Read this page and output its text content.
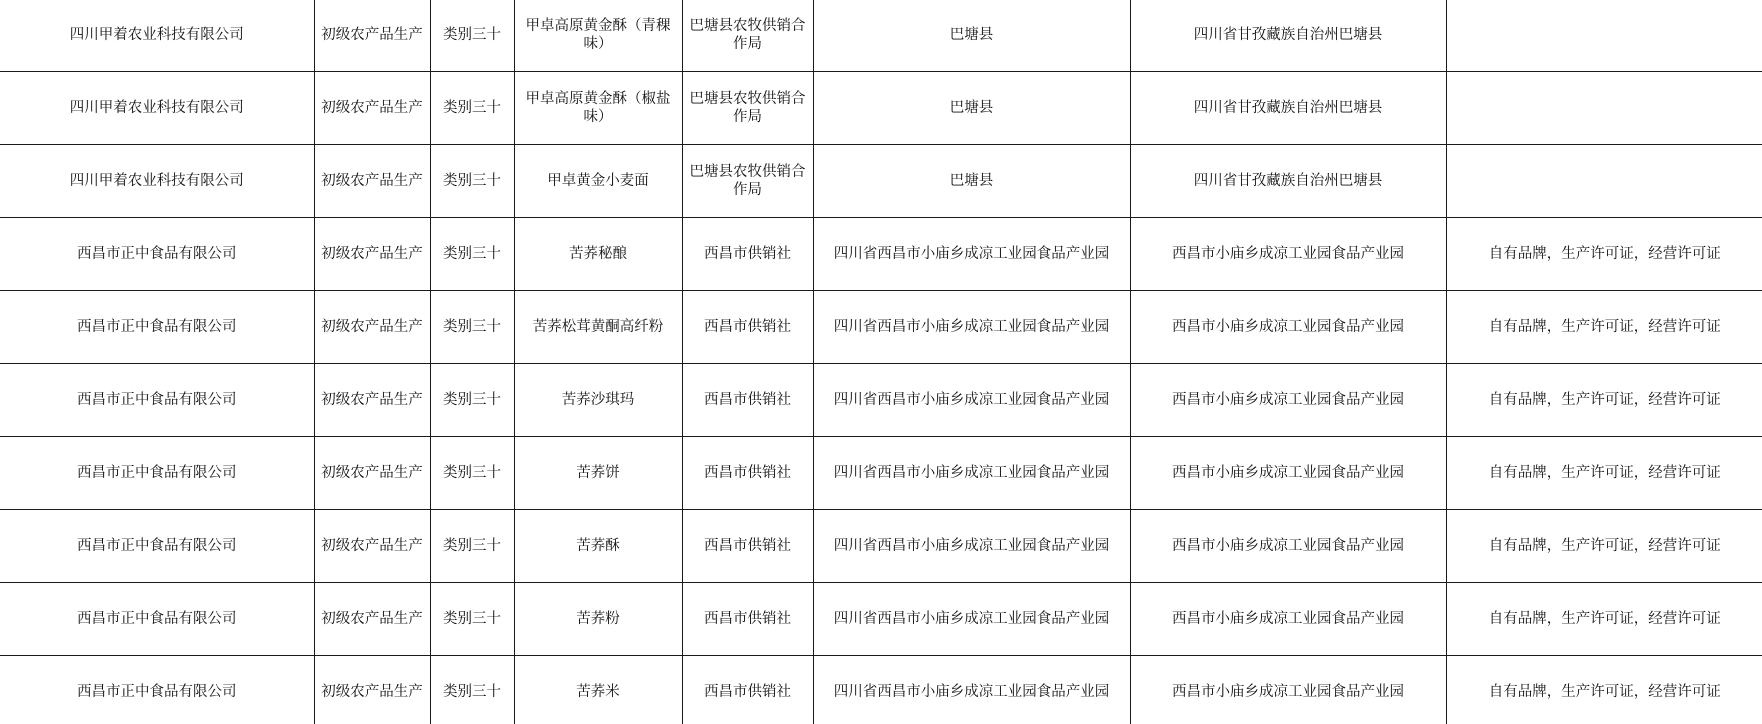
四川甲着农业科技有限公司	初级农产品生产	类别三十	甲卓高原黄金酥（青稞味）	巴塘县农牧供销合作局	巴塘县	四川省甘孜藏族自治州巴塘县	
四川甲着农业科技有限公司	初级农产品生产	类别三十	甲卓高原黄金酥（椒盐味）	巴塘县农牧供销合作局	巴塘县	四川省甘孜藏族自治州巴塘县	
四川甲着农业科技有限公司	初级农产品生产	类别三十	甲卓黄金小麦面	巴塘县农牧供销合作局	巴塘县	四川省甘孜藏族自治州巴塘县	
西昌市正中食品有限公司	初级农产品生产	类别三十	苦荞秘酿	西昌市供销社	四川省西昌市小庙乡成凉工业园食品产业园	西昌市小庙乡成凉工业园食品产业园	自有品牌，生产许可证，经营许可证
西昌市正中食品有限公司	初级农产品生产	类别三十	苦荞松茸黄酮高纤粉	西昌市供销社	四川省西昌市小庙乡成凉工业园食品产业园	西昌市小庙乡成凉工业园食品产业园	自有品牌，生产许可证，经营许可证
西昌市正中食品有限公司	初级农产品生产	类别三十	苦荞沙琪玛	西昌市供销社	四川省西昌市小庙乡成凉工业园食品产业园	西昌市小庙乡成凉工业园食品产业园	自有品牌，生产许可证，经营许可证
西昌市正中食品有限公司	初级农产品生产	类别三十	苦荞饼	西昌市供销社	四川省西昌市小庙乡成凉工业园食品产业园	西昌市小庙乡成凉工业园食品产业园	自有品牌，生产许可证，经营许可证
西昌市正中食品有限公司	初级农产品生产	类别三十	苦荞酥	西昌市供销社	四川省西昌市小庙乡成凉工业园食品产业园	西昌市小庙乡成凉工业园食品产业园	自有品牌，生产许可证，经营许可证
西昌市正中食品有限公司	初级农产品生产	类别三十	苦荞粉	西昌市供销社	四川省西昌市小庙乡成凉工业园食品产业园	西昌市小庙乡成凉工业园食品产业园	自有品牌，生产许可证，经营许可证
西昌市正中食品有限公司	初级农产品生产	类别三十	苦荞米	西昌市供销社	四川省西昌市小庙乡成凉工业园食品产业园	西昌市小庙乡成凉工业园食品产业园	自有品牌，生产许可证，经营许可证
